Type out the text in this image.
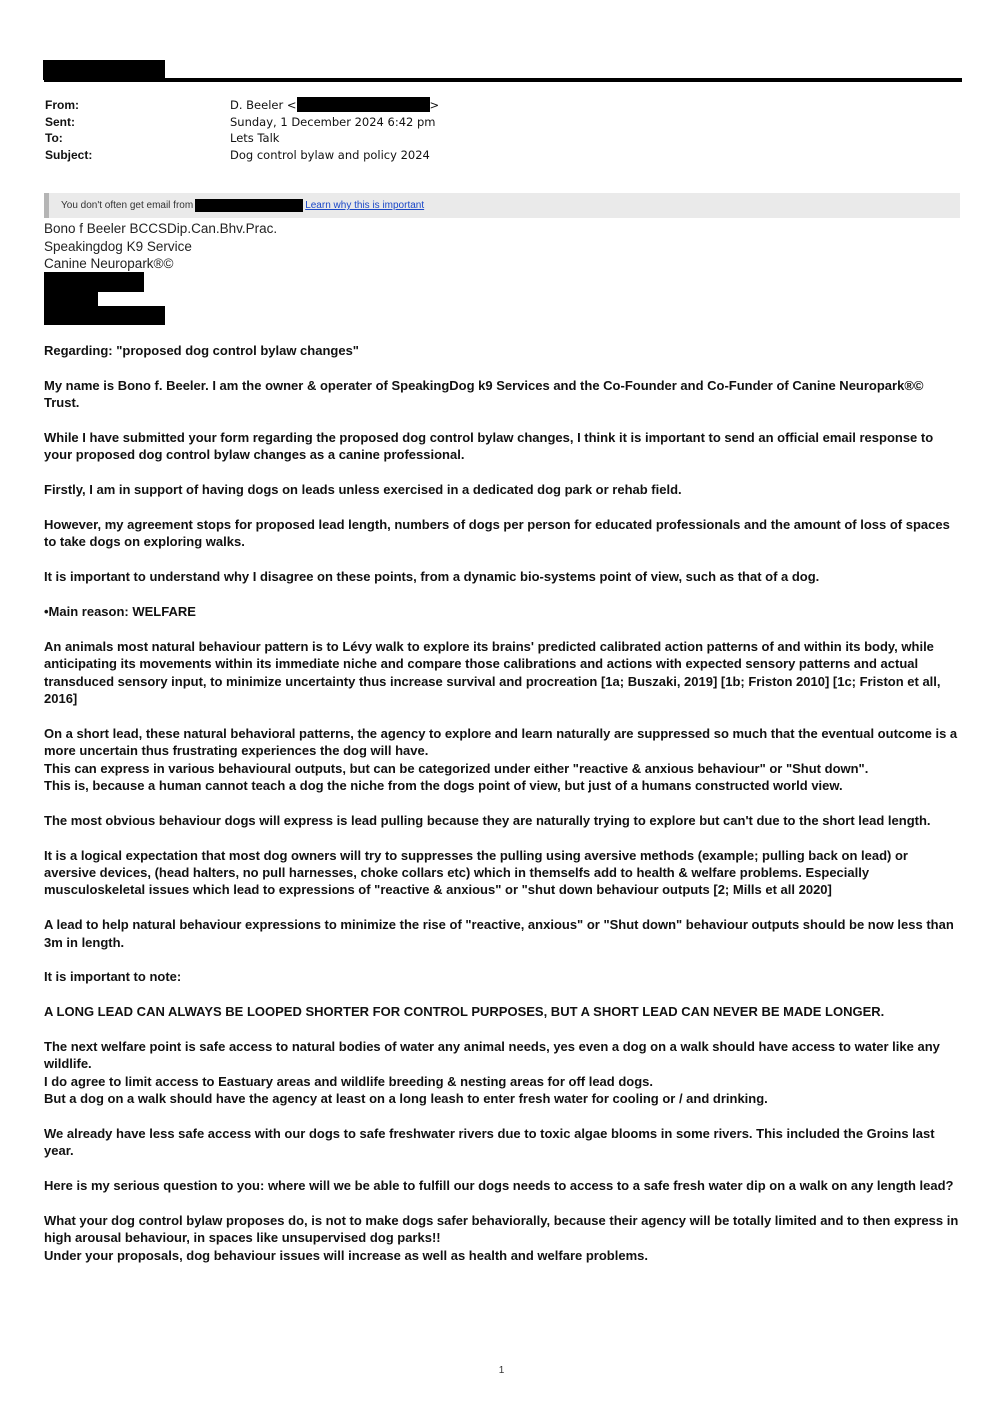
From:	D. Beeler <	>
Sent:	Sunday, 1 December 2024 6:42 pm
To:	Lets Talk
Subject:	Dog control bylaw and policy 2024
You don't often get email from	Learn why this is important
Bono f Beeler BCCSDip.Can.Bhv.Prac.
Speakingdog K9 Service
Canine Neuropark®©

Regarding: "proposed dog control bylaw changes"

My name is Bono f. Beeler. I am the owner & operater of SpeakingDog k9 Services and the Co-Founder and Co-Funder of Canine Neuropark®© Trust.

While I have submitted your form regarding the proposed dog control bylaw changes, I think it is important to send an official email response to your proposed dog control bylaw changes as a canine professional.

Firstly, I am in support of having dogs on leads unless exercised in a dedicated dog park or rehab field.

However, my agreement stops for proposed lead length, numbers of dogs per person for educated professionals and the amount of loss of spaces to take dogs on exploring walks.

It is important to understand why I disagree on these points, from a dynamic bio-systems point of view, such as that of a dog.

•Main reason: WELFARE

An animals most natural behaviour pattern is to Lévy walk to explore its brains' predicted calibrated action patterns of and within its body, while anticipating its movements within its immediate niche and compare those calibrations and actions with expected sensory patterns and actual transduced sensory input, to minimize uncertainty thus increase survival and procreation [1a; Buszaki, 2019] [1b; Friston 2010] [1c; Friston et all, 2016]

On a short lead, these natural behavioral patterns, the agency to explore and learn naturally are suppressed so much that the eventual outcome is a more uncertain thus frustrating experiences the dog will have.
This can express in various behavioural outputs, but can be categorized under either "reactive & anxious behaviour" or "Shut down".
This is, because a human cannot teach a dog the niche from the dogs point of view, but just of a humans constructed world view.

The most obvious behaviour dogs will express is lead pulling because they are naturally trying to explore but can't due to the short lead length.

It is a logical expectation that most dog owners will try to suppresses the pulling using aversive methods (example; pulling back on lead) or aversive devices, (head halters, no pull harnesses, choke collars etc) which in themselfs add to health & welfare problems. Especially musculoskeletal issues which lead to expressions of "reactive & anxious" or "shut down behaviour outputs [2; Mills et all 2020]

A lead to help natural behaviour expressions to minimize the rise of "reactive, anxious" or "Shut down" behaviour outputs should be now less than 3m in length.

It is important to note:

A LONG LEAD CAN ALWAYS BE LOOPED SHORTER FOR CONTROL PURPOSES, BUT A SHORT LEAD CAN NEVER BE MADE LONGER.

The next welfare point is safe access to natural bodies of water any animal needs, yes even a dog on a walk should have access to water like any wildlife.
I do agree to limit access to Eastuary areas and wildlife breeding & nesting areas for off lead dogs.
But a dog on a walk should have the agency at least on a long leash to enter fresh water for cooling or / and drinking.

We already have less safe access with our dogs to safe freshwater rivers due to toxic algae blooms in some rivers. This included the Groins last year.

Here is my serious question to you: where will we be able to fulfill our dogs needs to access to a safe fresh water dip on a walk on any length lead?

What your dog control bylaw proposes do, is not to make dogs safer behaviorally, because their agency will be totally limited and to then express in high arousal behaviour, in spaces like unsupervised dog parks!!
Under your proposals, dog behaviour issues will increase as well as health and welfare problems.

1
